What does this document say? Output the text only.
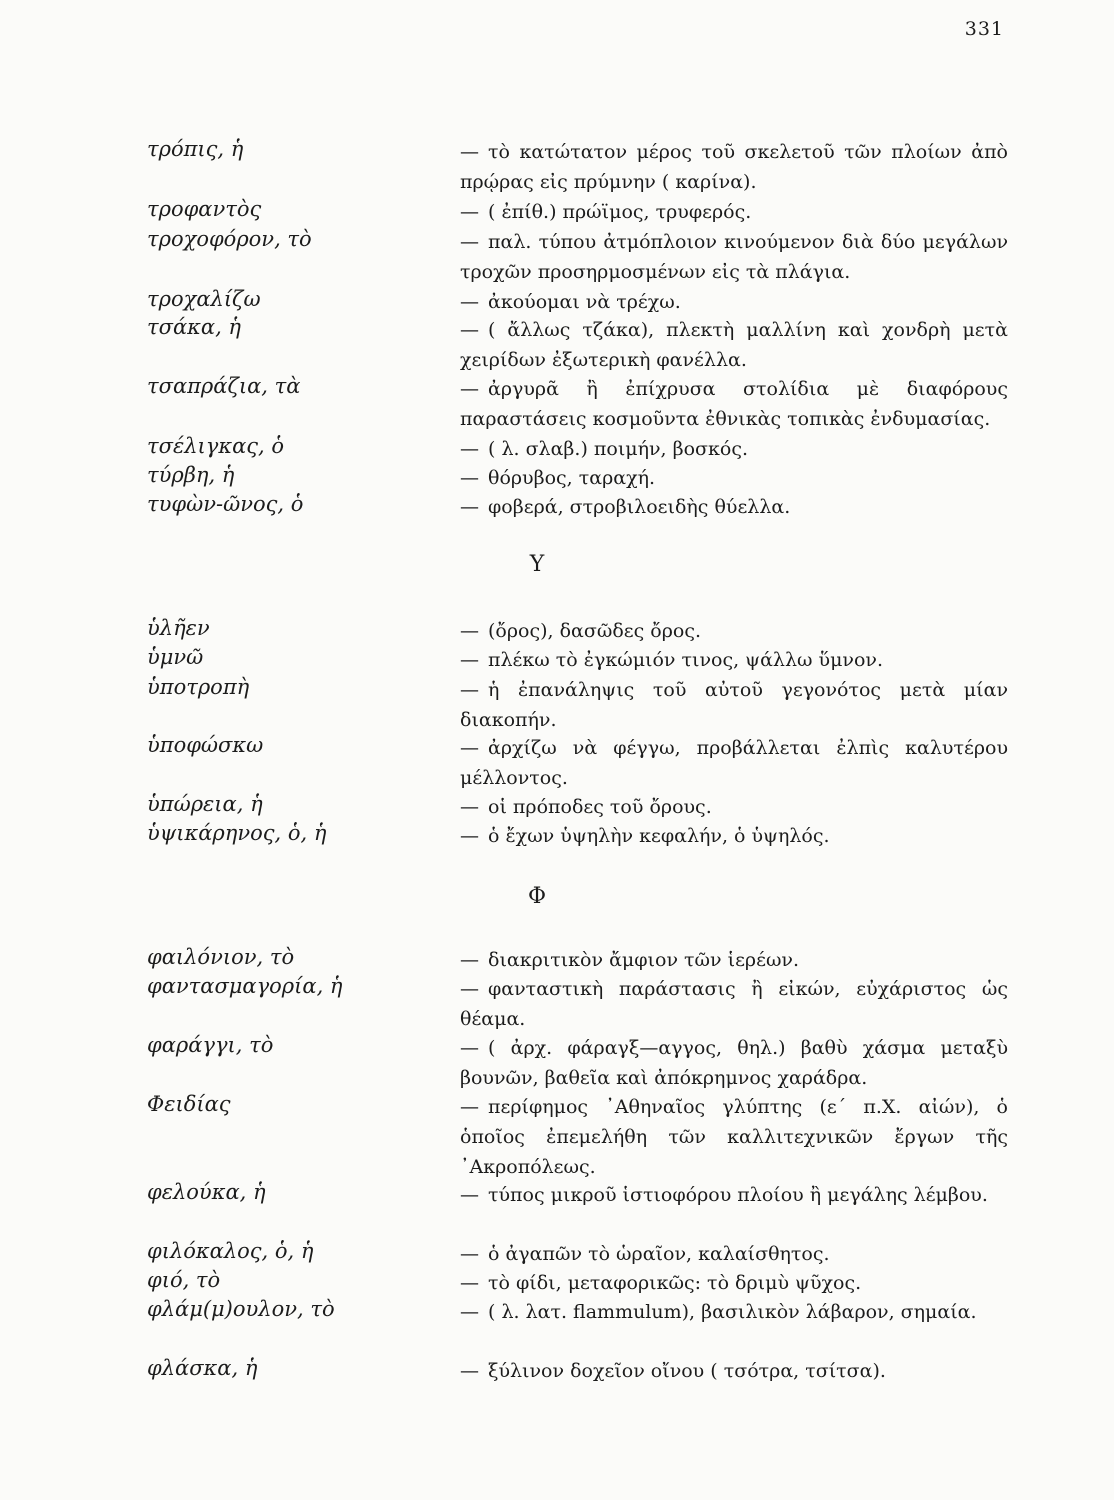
331
τρόπις, ἡ	— τὸ κατώτατον μέρος τοῦ σκελετοῦ τῶν πλοίων ἀπὸ πρῴρας εἰς πρύμνην ( καρίνα).
τροφαντὸς	— ( ἐπίθ.) πρώϊμος, τρυφερός.
τροχοφόρον, τὸ	— παλ. τύπου ἀτμόπλοιον κινούμενον διὰ δύο μεγάλων τροχῶν προσηρμοσμένων εἰς τὰ πλάγια.
τροχαλίζω	— ἀκούομαι νὰ τρέχω.
τσάκα, ἡ	— ( ἄλλως τζάκα), πλεκτὴ μαλλίνη καὶ χονδρὴ μετὰ χειρίδων ἐξωτερικὴ φανέλλα.
τσαπράζια, τὰ	— ἀργυρᾶ ἢ ἐπίχρυσα στολίδια μὲ διαφόρους παραστάσεις κοσμοῦντα ἐθνικὰς τοπικὰς ἐνδυμασίας.
τσέλιγκας, ὁ	— ( λ. σλαβ.) ποιμήν, βοσκός.
τύρβη, ἡ	— θόρυβος, ταραχή.
τυφὼν-ῶνος, ὁ	— φοβερά, στροβιλοειδὴς θύελλα.
Υ
ὑλῆεν	— (ὄρος), δασῶδες ὄρος.
ὑμνῶ	— πλέκω τὸ ἐγκώμιόν τινος, ψάλλω ὕμνον.
ὑποτροπὴ	— ἡ ἐπανάληψις τοῦ αὐτοῦ γεγονότος μετὰ μίαν διακοπήν.
ὑποφώσκω	— ἀρχίζω νὰ φέγγω, προβάλλεται ἐλπὶς καλυτέρου μέλλοντος.
ὑπώρεια, ἡ	— οἱ πρόποδες τοῦ ὄρους.
ὑψικάρηνος, ὁ, ἡ	— ὁ ἔχων ὑψηλὴν κεφαλήν, ὁ ὑψηλός.
Φ
φαιλόνιον, τὸ	— διακριτικὸν ἄμφιον τῶν ἱερέων.
φαντασμαγορία, ἡ	— φανταστικὴ παράστασις ἢ εἰκών, εὐχάριστος ὡς θέαμα.
φαράγγι, τὸ	— ( ἀρχ. φάραγξ—αγγος, θηλ.) βαθὺ χάσμα μεταξὺ βουνῶν, βαθεῖα καὶ ἀπόκρημνος χαράδρα.
Φειδίας	— περίφημος ᾿Αθηναῖος γλύπτης (ε΄ π.Χ. αἰών), ὁ ὁποῖος ἐπεμελήθη τῶν καλλιτεχνικῶν ἔργων τῆς ᾿Ακροπόλεως.
φελούκα, ἡ	— τύπος μικροῦ ἱστιοφόρου πλοίου ἢ μεγάλης λέμβου.
φιλόκαλος, ὁ, ἡ	— ὁ ἀγαπῶν τὸ ὡραῖον, καλαίσθητος.
φιό, τὸ	— τὸ φίδι, μεταφορικῶς: τὸ δριμὺ ψῦχος.
φλάμ(μ)ουλον, τὸ	— ( λ. λατ. flammulum), βασιλικὸν λάβαρον, σημαία.
φλάσκα, ἡ	— ξύλινον δοχεῖον οἴνου ( τσότρα, τσίτσα).
